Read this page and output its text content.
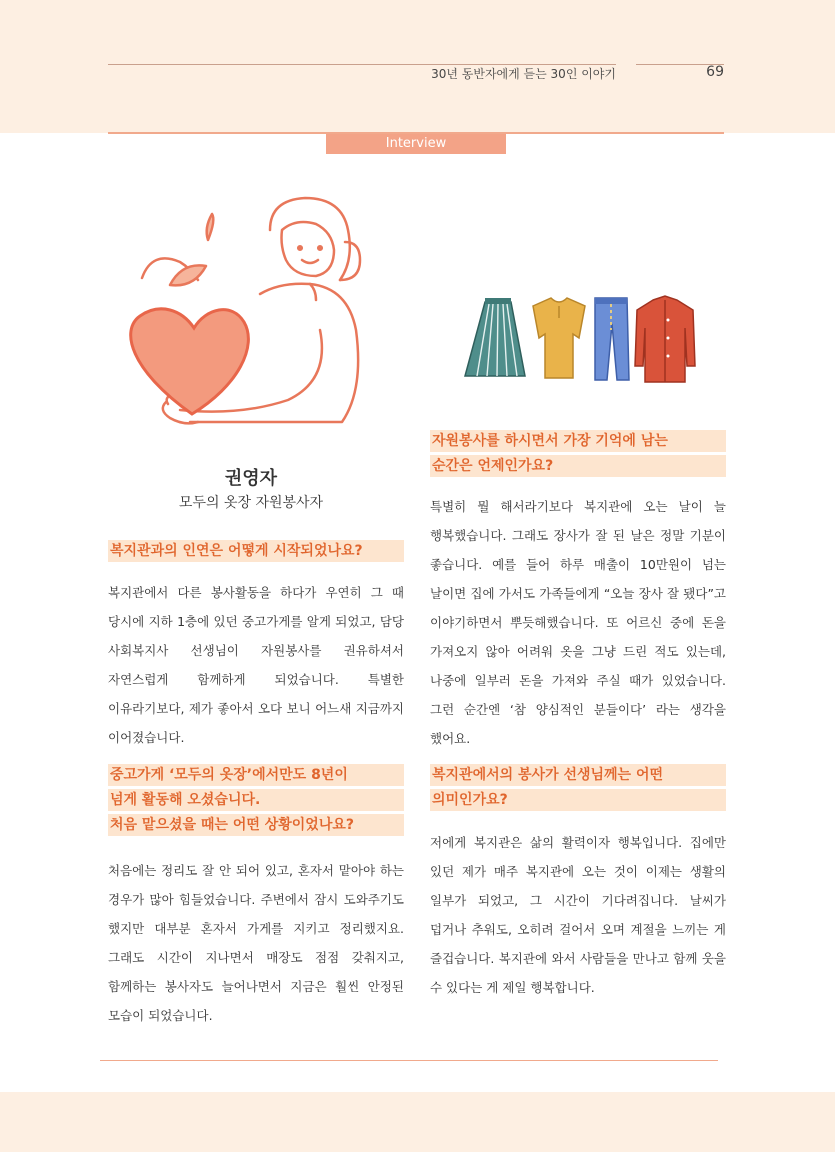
30년 동반자에게 듣는 30인 이야기	69
Interview
권영자
모두의 옷장 자원봉사자
복지관과의 인연은 어떻게 시작되었나요?
복지관에서 다른 봉사활동을 하다가 우연히 그 때 당시에 지하 1층에 있던 중고가게를 알게 되었고, 담당 사회복지사 선생님이 자원봉사를 권유하셔서 자연스럽게 함께하게 되었습니다. 특별한 이유라기보다, 제가 좋아서 오다 보니 어느새 지금까지 이어졌습니다.
중고가게 ‘모두의 옷장’에서만도 8년이
넘게 활동해 오셨습니다.
처음 맡으셨을 때는 어떤 상황이었나요?
처음에는 정리도 잘 안 되어 있고, 혼자서 맡아야 하는 경우가 많아 힘들었습니다. 주변에서 잠시 도와주기도 했지만 대부분 혼자서 가게를 지키고 정리했지요. 그래도 시간이 지나면서 매장도 점점 갖춰지고, 함께하는 봉사자도 늘어나면서 지금은 훨씬 안정된 모습이 되었습니다.
자원봉사를 하시면서 가장 기억에 남는
순간은 언제인가요?
특별히 뭘 해서라기보다 복지관에 오는 날이 늘 행복했습니다. 그래도 장사가 잘 된 날은 정말 기분이 좋습니다. 예를 들어 하루 매출이 10만원이 넘는 날이면 집에 가서도 가족들에게 “오늘 장사 잘 됐다”고 이야기하면서 뿌듯해했습니다. 또 어르신 중에 돈을 가져오지 않아 어려워 옷을 그냥 드린 적도 있는데, 나중에 일부러 돈을 가져와 주실 때가 있었습니다. 그런 순간엔 ‘참 양심적인 분들이다’ 라는 생각을 했어요.
복지관에서의 봉사가 선생님께는 어떤
의미인가요?
저에게 복지관은 삶의 활력이자 행복입니다. 집에만 있던 제가 매주 복지관에 오는 것이 이제는 생활의 일부가 되었고, 그 시간이 기다려집니다. 날씨가 덥거나 추워도, 오히려 걸어서 오며 계절을 느끼는 게 즐겁습니다. 복지관에 와서 사람들을 만나고 함께 웃을 수 있다는 게 제일 행복합니다.
